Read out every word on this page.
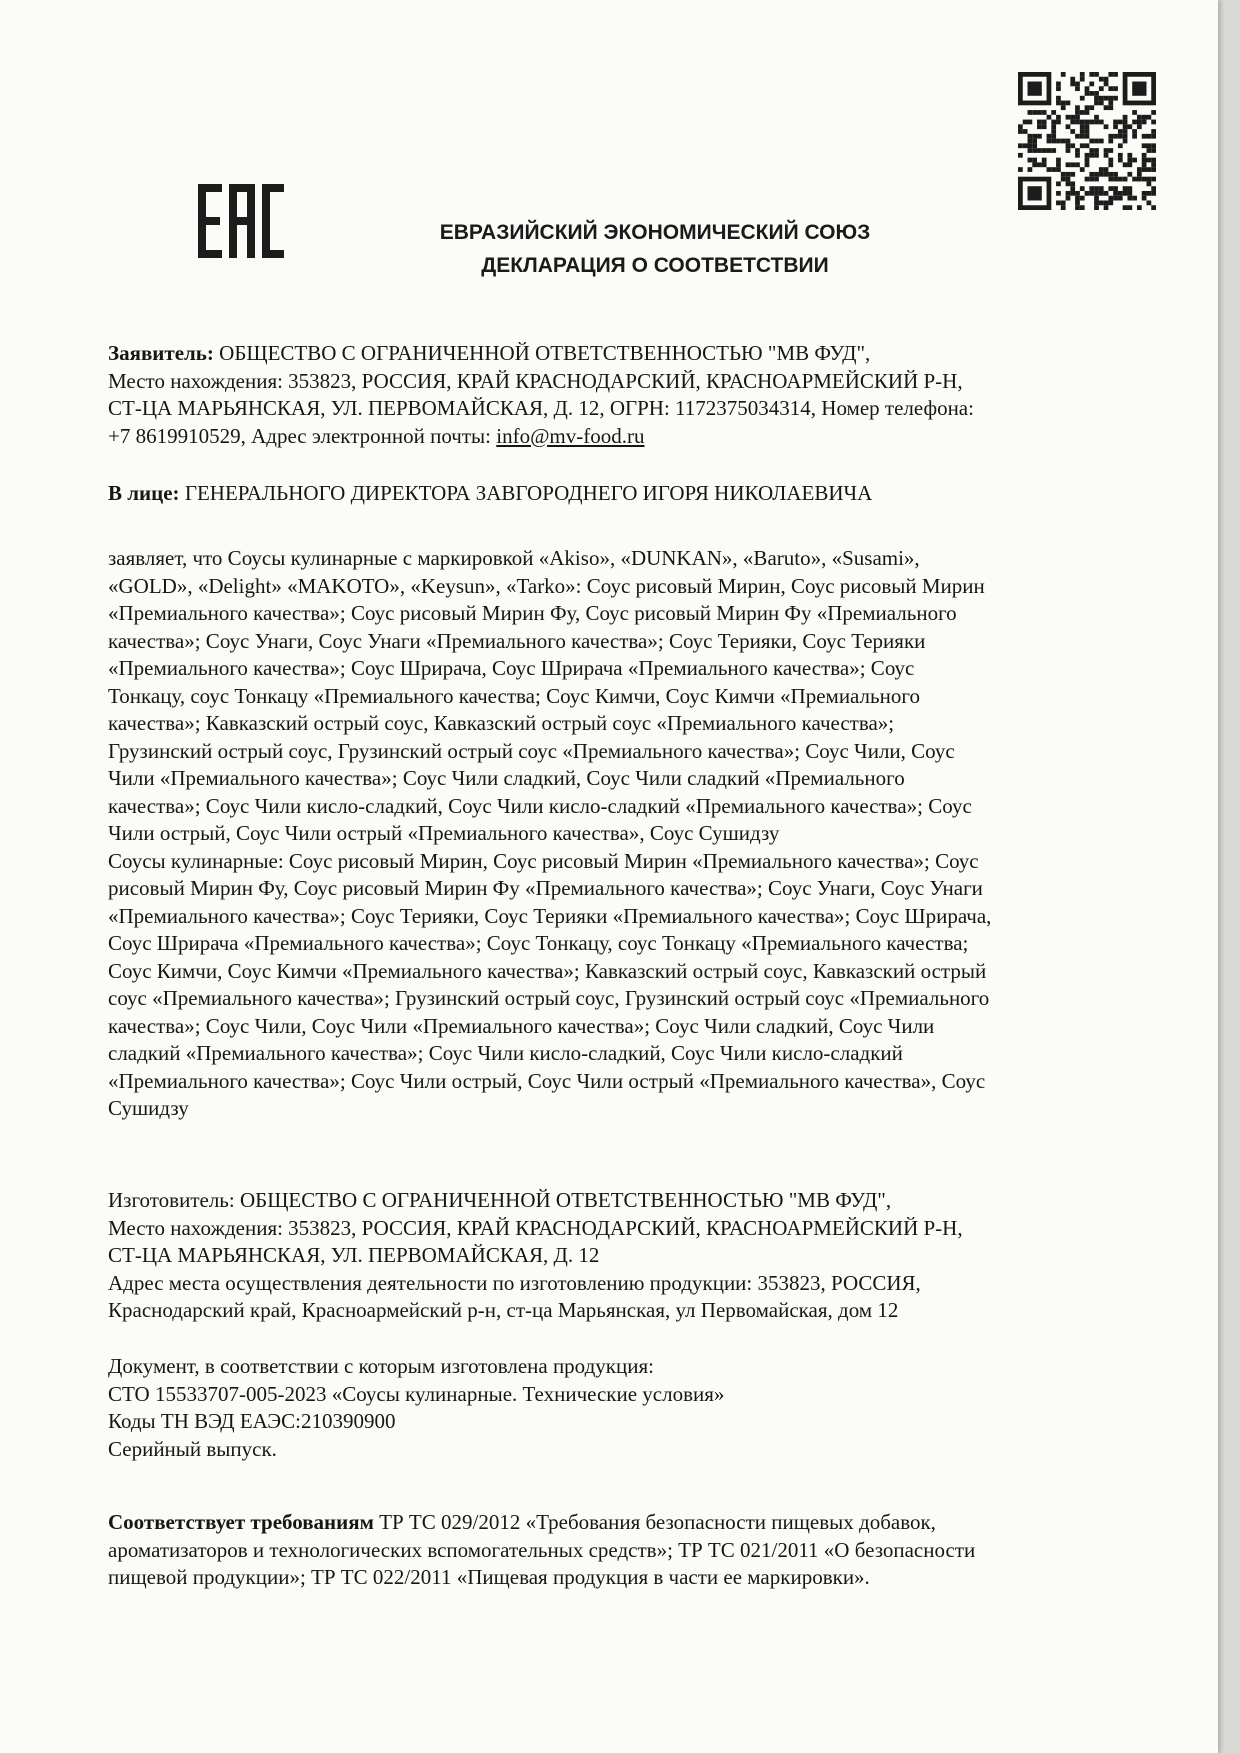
ЕВРАЗИЙСКИЙ ЭКОНОМИЧЕСКИЙ СОЮЗ
ДЕКЛАРАЦИЯ О СООТВЕТСТВИИ

Заявитель: ОБЩЕСТВО С ОГРАНИЧЕННОЙ ОТВЕТСТВЕННОСТЬЮ "МВ ФУД",

Место нахождения: 353823, РОССИЯ, КРАЙ КРАСНОДАРСКИЙ, КРАСНОАРМЕЙСКИЙ Р-Н,

СТ-ЦА МАРЬЯНСКАЯ, УЛ. ПЕРВОМАЙСКАЯ, Д. 12, ОГРН: 1172375034314, Номер телефона:

+7 8619910529, Адрес электронной почты: info@mv-food.ru

В лице: ГЕНЕРАЛЬНОГО ДИРЕКТОРА ЗАВГОРОДНЕГО ИГОРЯ НИКОЛАЕВИЧА

заявляет, что Соусы кулинарные с маркировкой «Akiso», «DUNKAN», «Baruto», «Susami»,

«GOLD», «Delight» «MAKOTO», «Keysun», «Tarko»: Соус рисовый Мирин, Соус рисовый Мирин

«Премиального качества»; Соус рисовый Мирин Фу, Соус рисовый Мирин Фу «Премиального

качества»; Соус Унаги, Соус Унаги «Премиального качества»; Соус Терияки, Соус Терияки

«Премиального качества»; Соус Шрирача, Соус Шрирача «Премиального качества»; Соус

Тонкацу, соус Тонкацу «Премиального качества; Соус Кимчи, Соус Кимчи «Премиального

качества»; Кавказский острый соус, Кавказский острый соус «Премиального качества»;

Грузинский острый соус, Грузинский острый соус «Премиального качества»; Соус Чили, Соус

Чили «Премиального качества»; Соус Чили сладкий, Соус Чили сладкий «Премиального

качества»; Соус Чили кисло-сладкий, Соус Чили кисло-сладкий «Премиального качества»; Соус

Чили острый, Соус Чили острый «Премиального качества», Соус Сушидзу

Соусы кулинарные: Соус рисовый Мирин, Соус рисовый Мирин «Премиального качества»; Соус

рисовый Мирин Фу, Соус рисовый Мирин Фу «Премиального качества»; Соус Унаги, Соус Унаги

«Премиального качества»; Соус Терияки, Соус Терияки «Премиального качества»; Соус Шрирача,

Соус Шрирача «Премиального качества»; Соус Тонкацу, соус Тонкацу «Премиального качества;

Соус Кимчи, Соус Кимчи «Премиального качества»; Кавказский острый соус, Кавказский острый

соус «Премиального качества»; Грузинский острый соус, Грузинский острый соус «Премиального

качества»; Соус Чили, Соус Чили «Премиального качества»; Соус Чили сладкий, Соус Чили

сладкий «Премиального качества»; Соус Чили кисло-сладкий, Соус Чили кисло-сладкий

«Премиального качества»; Соус Чили острый, Соус Чили острый «Премиального качества», Соус

Сушидзу

Изготовитель: ОБЩЕСТВО С ОГРАНИЧЕННОЙ ОТВЕТСТВЕННОСТЬЮ "МВ ФУД",

Место нахождения: 353823, РОССИЯ, КРАЙ КРАСНОДАРСКИЙ, КРАСНОАРМЕЙСКИЙ Р-Н,

СТ-ЦА МАРЬЯНСКАЯ, УЛ. ПЕРВОМАЙСКАЯ, Д. 12

Адрес места осуществления деятельности по изготовлению продукции: 353823, РОССИЯ,

Краснодарский край, Красноармейский р-н, ст-ца Марьянская, ул Первомайская, дом 12

Документ, в соответствии с которым изготовлена продукция:

СТО 15533707-005-2023 «Соусы кулинарные. Технические условия»

Коды ТН ВЭД ЕАЭС:210390900

Серийный выпуск.

Соответствует требованиям ТР ТС 029/2012 «Требования безопасности пищевых добавок,

ароматизаторов и технологических вспомогательных средств»; ТР ТС 021/2011 «О безопасности

пищевой продукции»; ТР ТС 022/2011 «Пищевая продукция в части ее маркировки».
